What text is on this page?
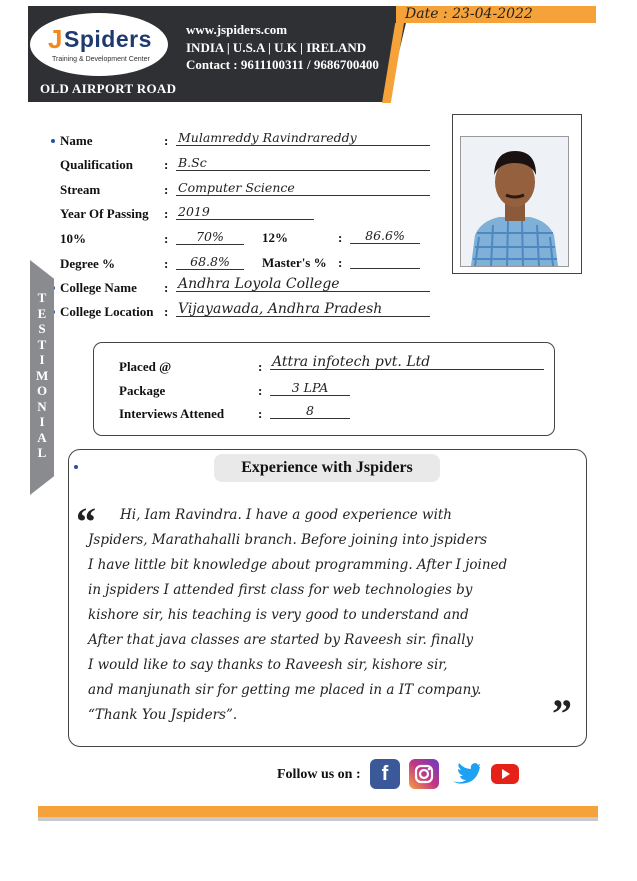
J Spiders
Training & Development Center
www.jspiders.com
INDIA | U.S.A | U.K | IRELAND
Contact : 9611100311 / 9686700400
OLD AIRPORT ROAD
Date : 23-04-2022
Name	: Mulamreddy Ravindrareddy
Qualification : B.Sc
Stream	: Computer Science
Year Of Passing : 2019
10%	:	70%	12%	:	86.6%
Degree %	:	68.8%	Master's % :
College Name : Andhra Loyola College
College Location : Vijayawada, Andhra Pradesh
TESTIMONIAL
Placed @	: Attra infotech pvt. Ltd
Package	:	3 LPA
Interviews Attened	:	8
Experience with Jspiders
“
”
Hi, Iam Ravindra. I have a good experience with
Jspiders, Marathahalli branch. Before joining into jspiders
I have little bit knowledge about programming. After I joined
in jspiders I attended first class for web technologies by
kishore sir, his teaching is very good to understand and
After that java classes are started by Raveesh sir. finally
I would like to say thanks to Raveesh sir, kishore sir,
and manjunath sir for getting me placed in a IT company.
“Thank You Jspiders”.
Follow us on :	f
